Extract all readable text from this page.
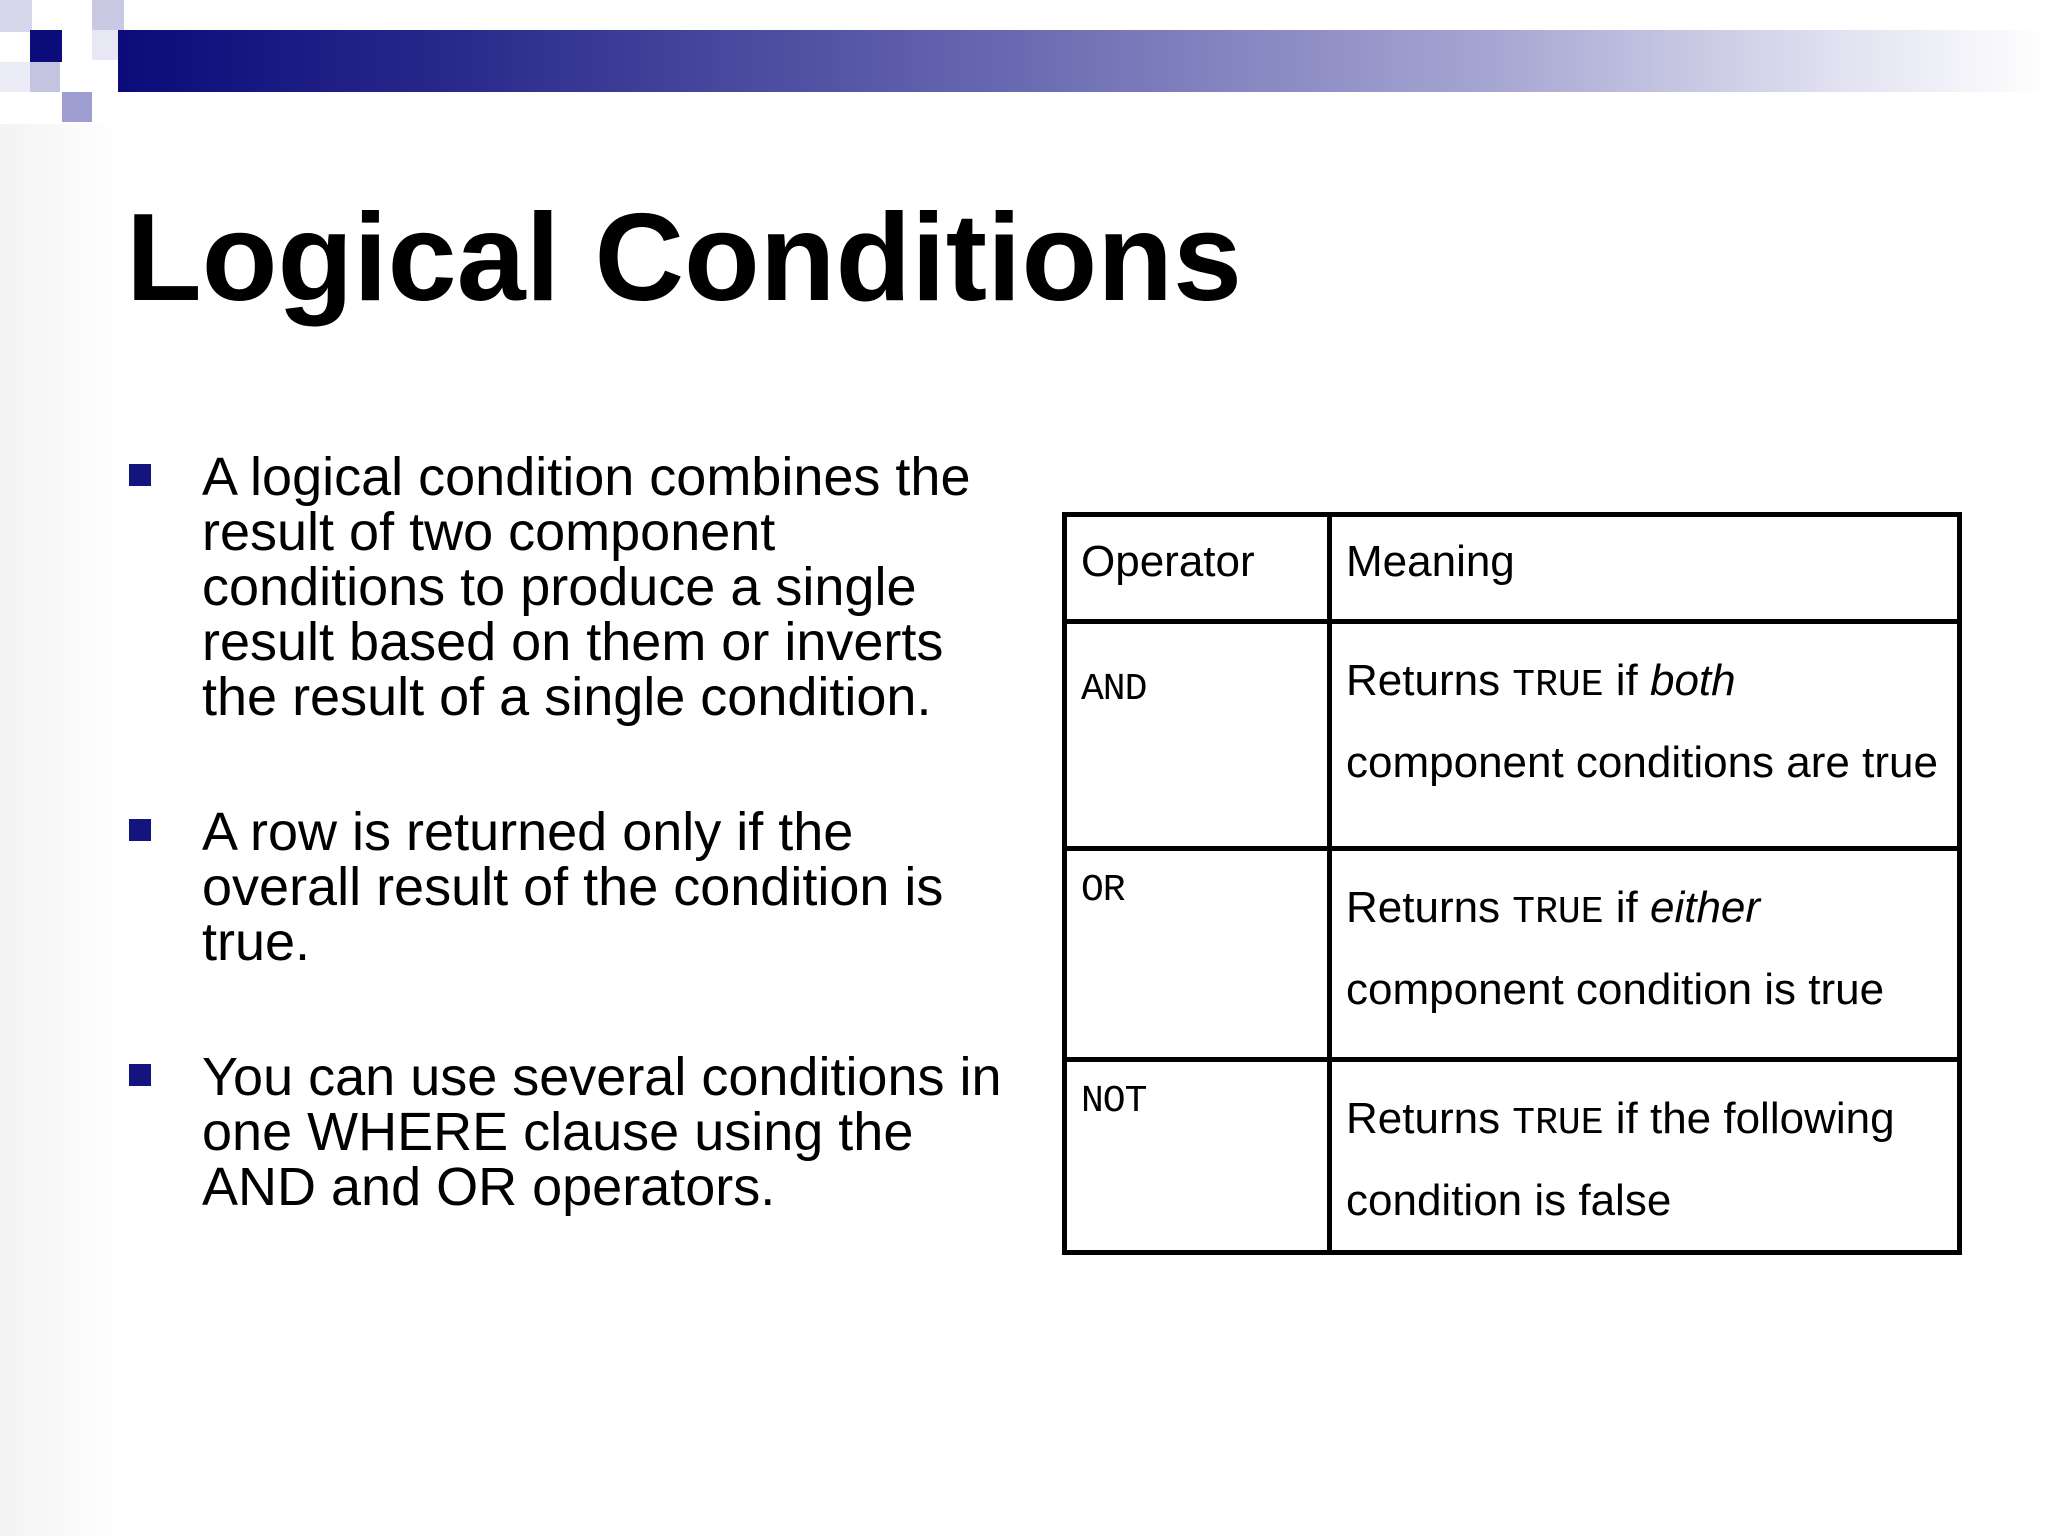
Logical Conditions
A logical condition combines the result of two component conditions to produce a single result based on them or inverts the result of a single condition.
A row is returned only if the overall result of the condition is true.
You can use several conditions in one WHERE clause using the AND and OR operators.
Operator	Meaning
AND	Returns TRUE if both component conditions are true
OR	Returns TRUE if either component condition is true
NOT	Returns TRUE if the following condition is false
